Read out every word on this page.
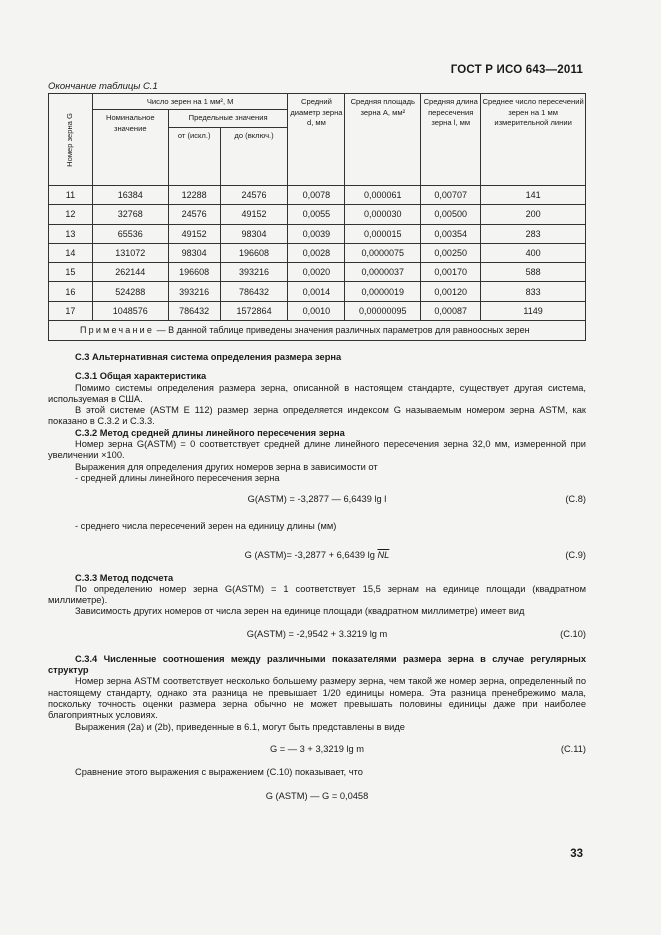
ГОСТ Р ИСО 643—2011
Окончание таблицы С.1
Номер зерна G	Число зерен на 1 мм², M			Средний диаметр зерна d, мм	Средняя площадь зерна A, мм²	Средняя длина пересечения зерна l, мм	Среднее число пересечений зерен на 1 мм измерительной линии
	Номинальное значение	Предельные значения					
		от (искл.)	до (включ.)				
11	16384	12288	24576	0,0078	0,000061	0,00707	141
12	32768	24576	49152	0,0055	0,000030	0,00500	200
13	65536	49152	98304	0,0039	0,000015	0,00354	283
14	131072	98304	196608	0,0028	0,0000075	0,00250	400
15	262144	196608	393216	0,0020	0,0000037	0,00170	588
16	524288	393216	786432	0,0014	0,0000019	0,00120	833
17	1048576	786432	1572864	0,0010	0,00000095	0,00087	1149
Примечание — В данной таблице приведены значения различных параметров для равноосных зерен							

С.3 Альтернативная система определения размера зерна

С.3.1 Общая характеристика

Помимо системы определения размера зерна, описанной в настоящем стандарте, существует другая система, используемая в США.

В этой системе (ASTM E 112) размер зерна определяется индексом G называемым номером зерна ASTM, как показано в С.3.2 и С.3.3.

С.3.2 Метод средней длины линейного пересечения зерна

Номер зерна G(ASTM) = 0 соответствует средней длине линейного пересечения зерна 32,0 мм, измеренной при увеличении ×100.

Выражения для определения других номеров зерна в зависимости от

- средней длины линейного пересечения зерна

G(ASTM) = -3,2877 — 6,6439 lg l	(С.8)

- среднего числа пересечений зерен на единицу длины (мм)

G (ASTM)= -3,2877 + 6,6439 $\lg \overline{NL}$	(С.9)

С.3.3 Метод подсчета

По определению номер зерна G(ASTM) = 1 соответствует 15,5 зернам на единице площади (квадратном миллиметре).

Зависимость других номеров от числа зерен на единице площади (квадратном миллиметре) имеет вид

G(ASTM) = -2,9542 + 3.3219 lg m	(С.10)

С.3.4 Численные соотношения между различными показателями размера зерна в случае регулярных структур

Номер зерна ASTM соответствует несколько большему размеру зерна, чем такой же номер зерна, определенный по настоящему стандарту, однако эта разница не превышает 1/20 единицы номера. Эта разница пренебрежимо мала, поскольку точность оценки размера зерна обычно не может превышать половины единицы даже при наиболее благоприятных условиях.

Выражения (2а) и (2b), приведенные в 6.1, могут быть представлены в виде

G = — 3 + 3,3219 lg m	(С.11)

Сравнение этого выражения с выражением (С.10) показывает, что

G (ASTM) — G = 0,0458
33
